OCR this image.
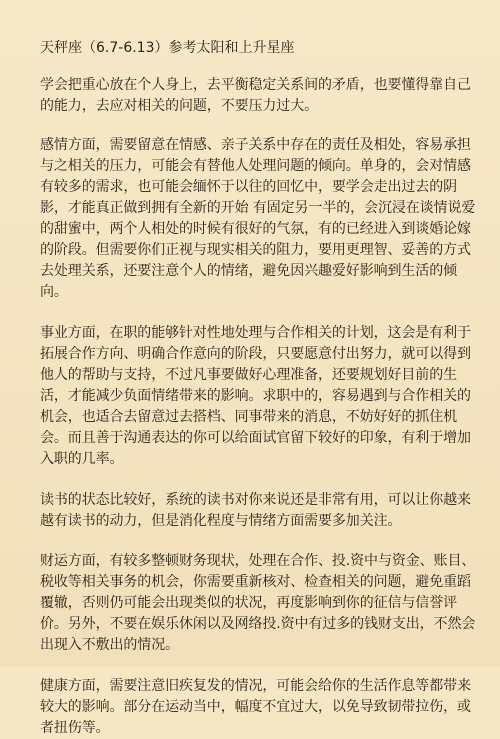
天秤座（6.7-6.13）参考太阳和上升星座
学会把重心放在个人身上，去平衡稳定关系间的矛盾，也要懂得靠自己的能力，去应对相关的问题，不要压力过大。
感情方面，需要留意在情感、亲子关系中存在的责任及相处，容易承担与之相关的压力，可能会有替他人处理问题的倾向。单身的，会对情感有较多的需求，也可能会缅怀于以往的回忆中，要学会走出过去的阴影，才能真正做到拥有全新的开始 有固定另一半的，会沉浸在谈情说爱的甜蜜中，两个人相处的时候有很好的气氛，有的已经进入到谈婚论嫁的阶段。但需要你们正视与现实相关的阻力，要用更理智、妥善的方式去处理关系，还要注意个人的情绪，避免因兴趣爱好影响到生活的倾向。
事业方面，在职的能够针对性地处理与合作相关的计划，这会是有利于拓展合作方向、明确合作意向的阶段，只要愿意付出努力，就可以得到他人的帮助与支持，不过凡事要做好心理准备，还要规划好目前的生活，才能减少负面情绪带来的影响。求职中的，容易遇到与合作相关的机会，也适合去留意过去搭档、同事带来的消息，不妨好好的抓住机会。而且善于沟通表达的你可以给面试官留下较好的印象，有利于增加入职的几率。
读书的状态比较好，系统的读书对你来说还是非常有用，可以让你越来越有读书的动力，但是消化程度与情绪方面需要多加关注。
财运方面，有较多整顿财务现状，处理在合作、投.资中与资金、账目、税收等相关事务的机会，你需要重新核对、检查相关的问题，避免重蹈覆辙，否则仍可能会出现类似的状况，再度影响到你的征信与信誉评价。另外，不要在娱乐休闲以及网络投.资中有过多的钱财支出，不然会出现入不敷出的情况。
健康方面，需要注意旧疾复发的情况，可能会给你的生活作息等都带来较大的影响。部分在运动当中，幅度不宜过大，以免导致韧带拉伤，或者扭伤等。
